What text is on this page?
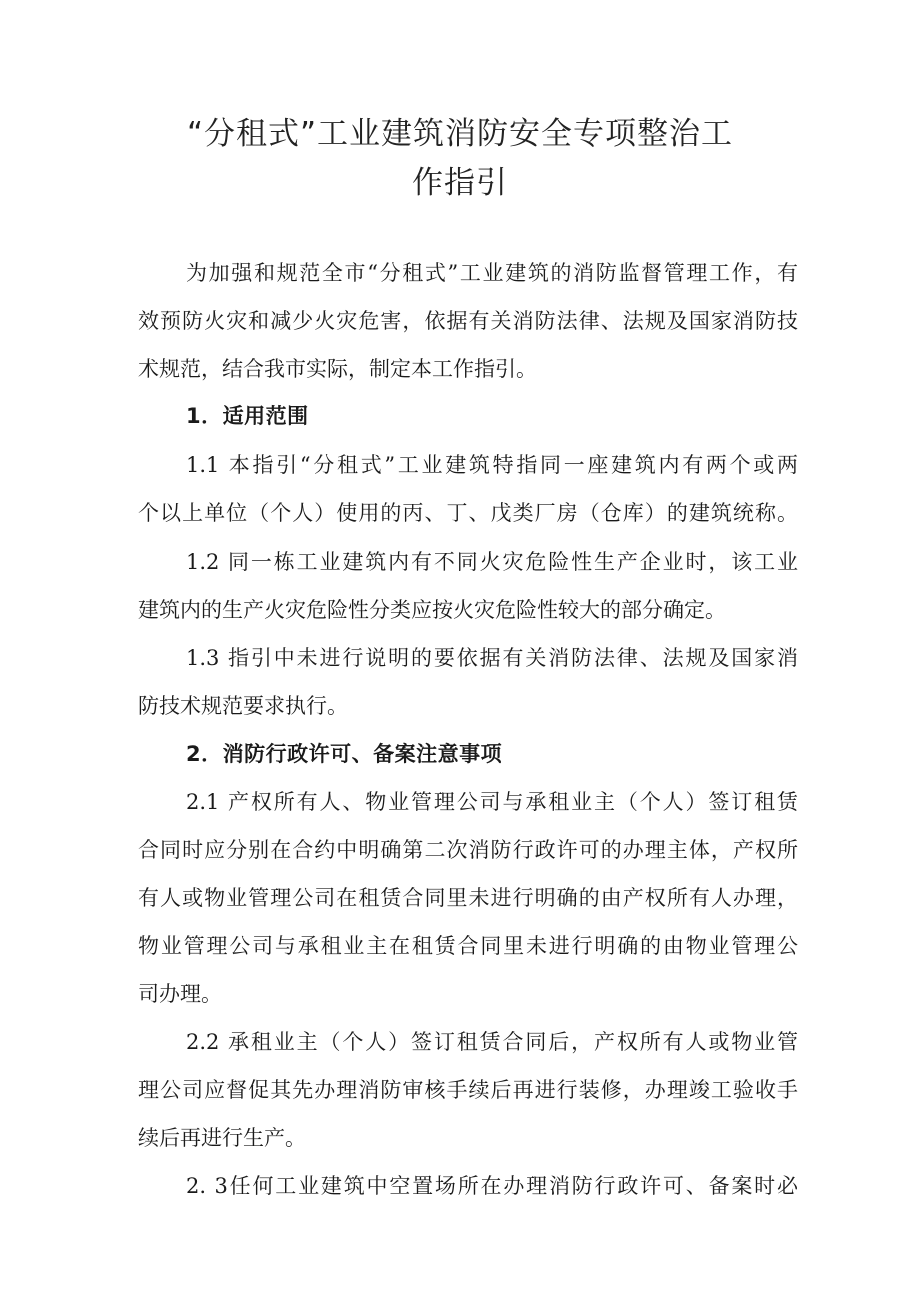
“分租式”工业建筑消防安全专项整治工
作指引

为加强和规范全市“分租式”工业建筑的消防监督管理工作，有

效预防火灾和减少火灾危害，依据有关消防法律、法规及国家消防技

术规范，结合我市实际，制定本工作指引。

1．适用范围

1.1 本指引“分租式”工业建筑特指同一座建筑内有两个或两

个以上单位（个人）使用的丙、丁、戊类厂房（仓库）的建筑统称。

1.2 同一栋工业建筑内有不同火灾危险性生产企业时，该工业

建筑内的生产火灾危险性分类应按火灾危险性较大的部分确定。

1.3 指引中未进行说明的要依据有关消防法律、法规及国家消

防技术规范要求执行。

2．消防行政许可、备案注意事项

2.1 产权所有人、物业管理公司与承租业主（个人）签订租赁

合同时应分别在合约中明确第二次消防行政许可的办理主体，产权所

有人或物业管理公司在租赁合同里未进行明确的由产权所有人办理，

物业管理公司与承租业主在租赁合同里未进行明确的由物业管理公

司办理。

2.2 承租业主（个人）签订租赁合同后，产权所有人或物业管

理公司应督促其先办理消防审核手续后再进行装修，办理竣工验收手

续后再进行生产。

2. 3任何工业建筑中空置场所在办理消防行政许可、备案时必
